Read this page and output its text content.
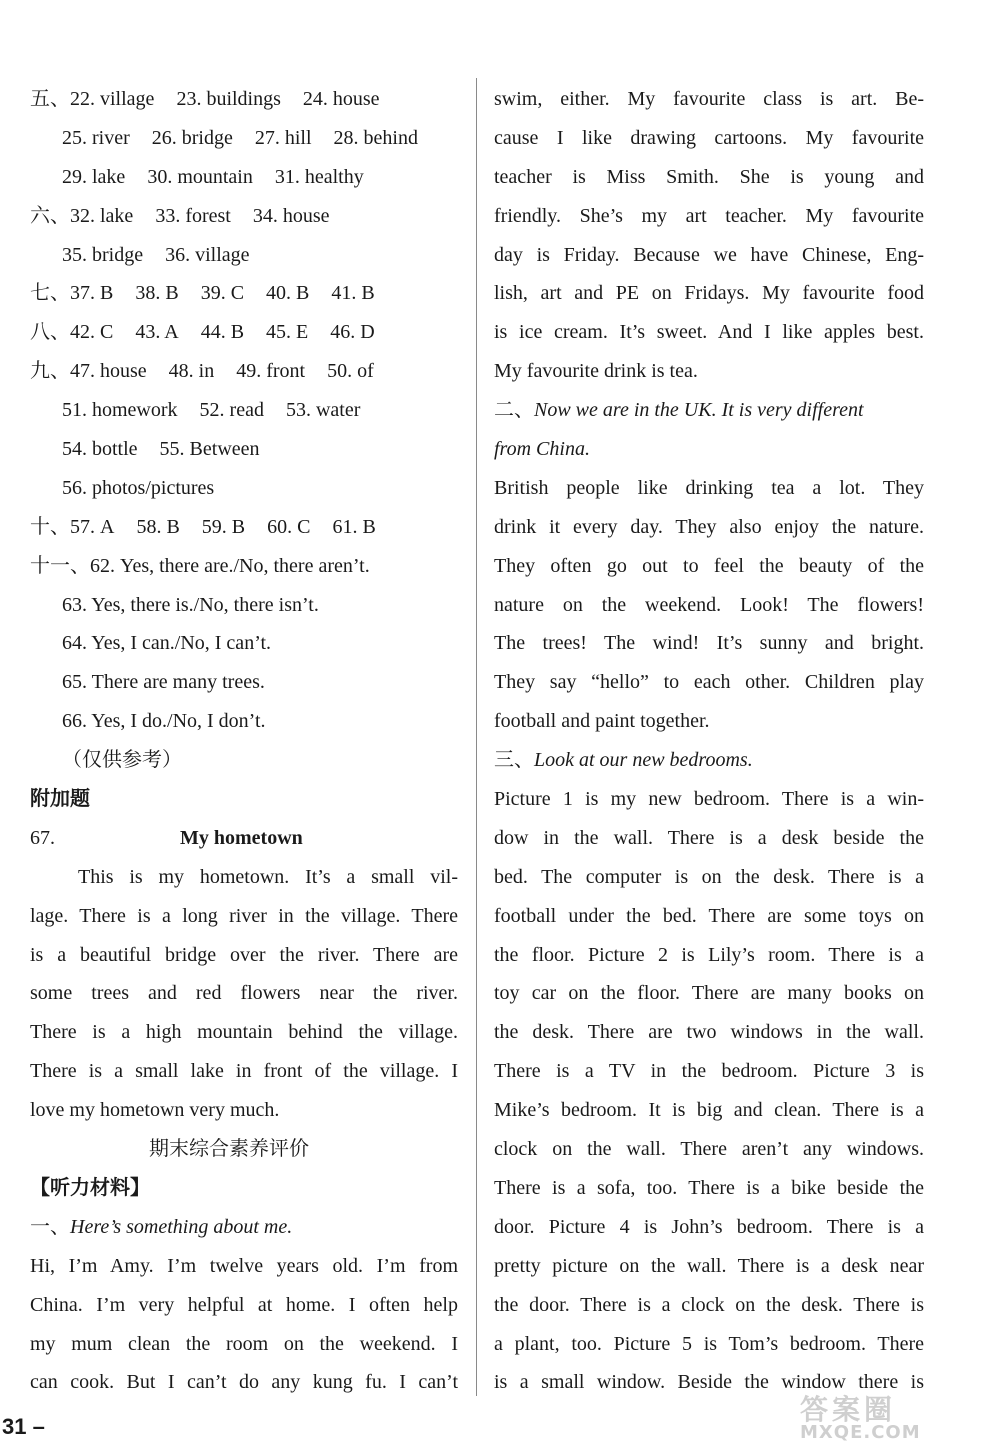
五、22. village 23. buildings 24. house
25. river 26. bridge 27. hill 28. behind
29. lake 30. mountain 31. healthy
六、32. lake 33. forest 34. house
35. bridge 36. village
七、37. B 38. B 39. C 40. B 41. B
八、42. C 43. A 44. B 45. E 46. D
九、47. house 48. in 49. front 50. of
51. homework 52. read 53. water
54. bottle 55. Between
56. photos/pictures
十、57. A 58. B 59. B 60. C 61. B
十一、62. Yes, there are./No, there aren’t.
63. Yes, there is./No, there isn’t.
64. Yes, I can./No, I can’t.
65. There are many trees.
66. Yes, I do./No, I don’t.
（仅供参考）
附加题
67.	My hometown
This is my hometown. It’s a small vil-
lage. There is a long river in the village. There
is a beautiful bridge over the river. There are
some trees and red flowers near the river.
There is a high mountain behind the village.
There is a small lake in front of the village. I
love my hometown very much.
期末综合素养评价
【听力材料】
一、Here’s something about me.
Hi, I’m Amy. I’m twelve years old. I’m from
China. I’m very helpful at home. I often help
my mum clean the room on the weekend. I
can cook. But I can’t do any kung fu. I can’t
swim, either. My favourite class is art. Be-
cause I like drawing cartoons. My favourite
teacher is Miss Smith. She is young and
friendly. She’s my art teacher. My favourite
day is Friday. Because we have Chinese, Eng-
lish, art and PE on Fridays. My favourite food
is ice cream. It’s sweet. And I like apples best.
My favourite drink is tea.
二、Now we are in the UK. It is very different
from China.
British people like drinking tea a lot. They
drink it every day. They also enjoy the nature.
They often go out to feel the beauty of the
nature on the weekend. Look! The flowers!
The trees! The wind! It’s sunny and bright.
They say “hello” to each other. Children play
football and paint together.
三、Look at our new bedrooms.
Picture 1 is my new bedroom. There is a win-
dow in the wall. There is a desk beside the
bed. The computer is on the desk. There is a
football under the bed. There are some toys on
the floor. Picture 2 is Lily’s room. There is a
toy car on the floor. There are many books on
the desk. There are two windows in the wall.
There is a TV in the bedroom. Picture 3 is
Mike’s bedroom. It is big and clean. There is a
clock on the wall. There aren’t any windows.
There is a sofa, too. There is a bike beside the
door. Picture 4 is John’s bedroom. There is a
pretty picture on the wall. There is a desk near
the door. There is a clock on the desk. There is
a plant, too. Picture 5 is Tom’s bedroom. There
is a small window. Beside the window there is
31 –
答案圈
MXQE.COM
